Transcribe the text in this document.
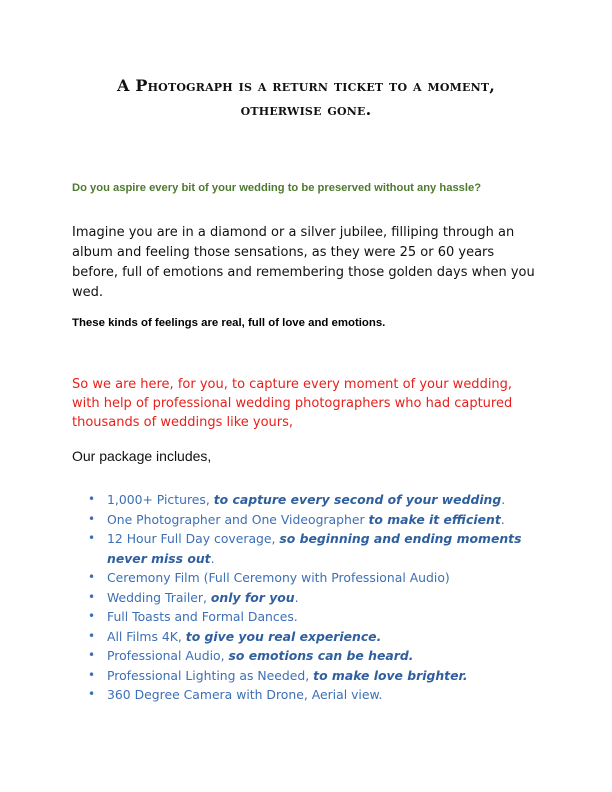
A Photograph is a return ticket to a moment,
otherwise gone.

Do you aspire every bit of your wedding to be preserved without any hassle?

Imagine you are in a diamond or a silver jubilee, filliping through an album and feeling those sensations, as they were 25 or 60 years before, full of emotions and remembering those golden days when you wed.

These kinds of feelings are real, full of love and emotions.

So we are here, for you, to capture every moment of your wedding, with help of professional wedding photographers who had captured thousands of weddings like yours,

Our package includes,

• 1,000+ Pictures, to capture every second of your wedding.
• One Photographer and One Videographer to make it efficient.
• 12 Hour Full Day coverage, so beginning and ending moments never miss out.
• Ceremony Film (Full Ceremony with Professional Audio)
• Wedding Trailer, only for you.
• Full Toasts and Formal Dances.
• All Films 4K, to give you real experience.
• Professional Audio, so emotions can be heard.
• Professional Lighting as Needed, to make love brighter.
• 360 Degree Camera with Drone, Aerial view.
